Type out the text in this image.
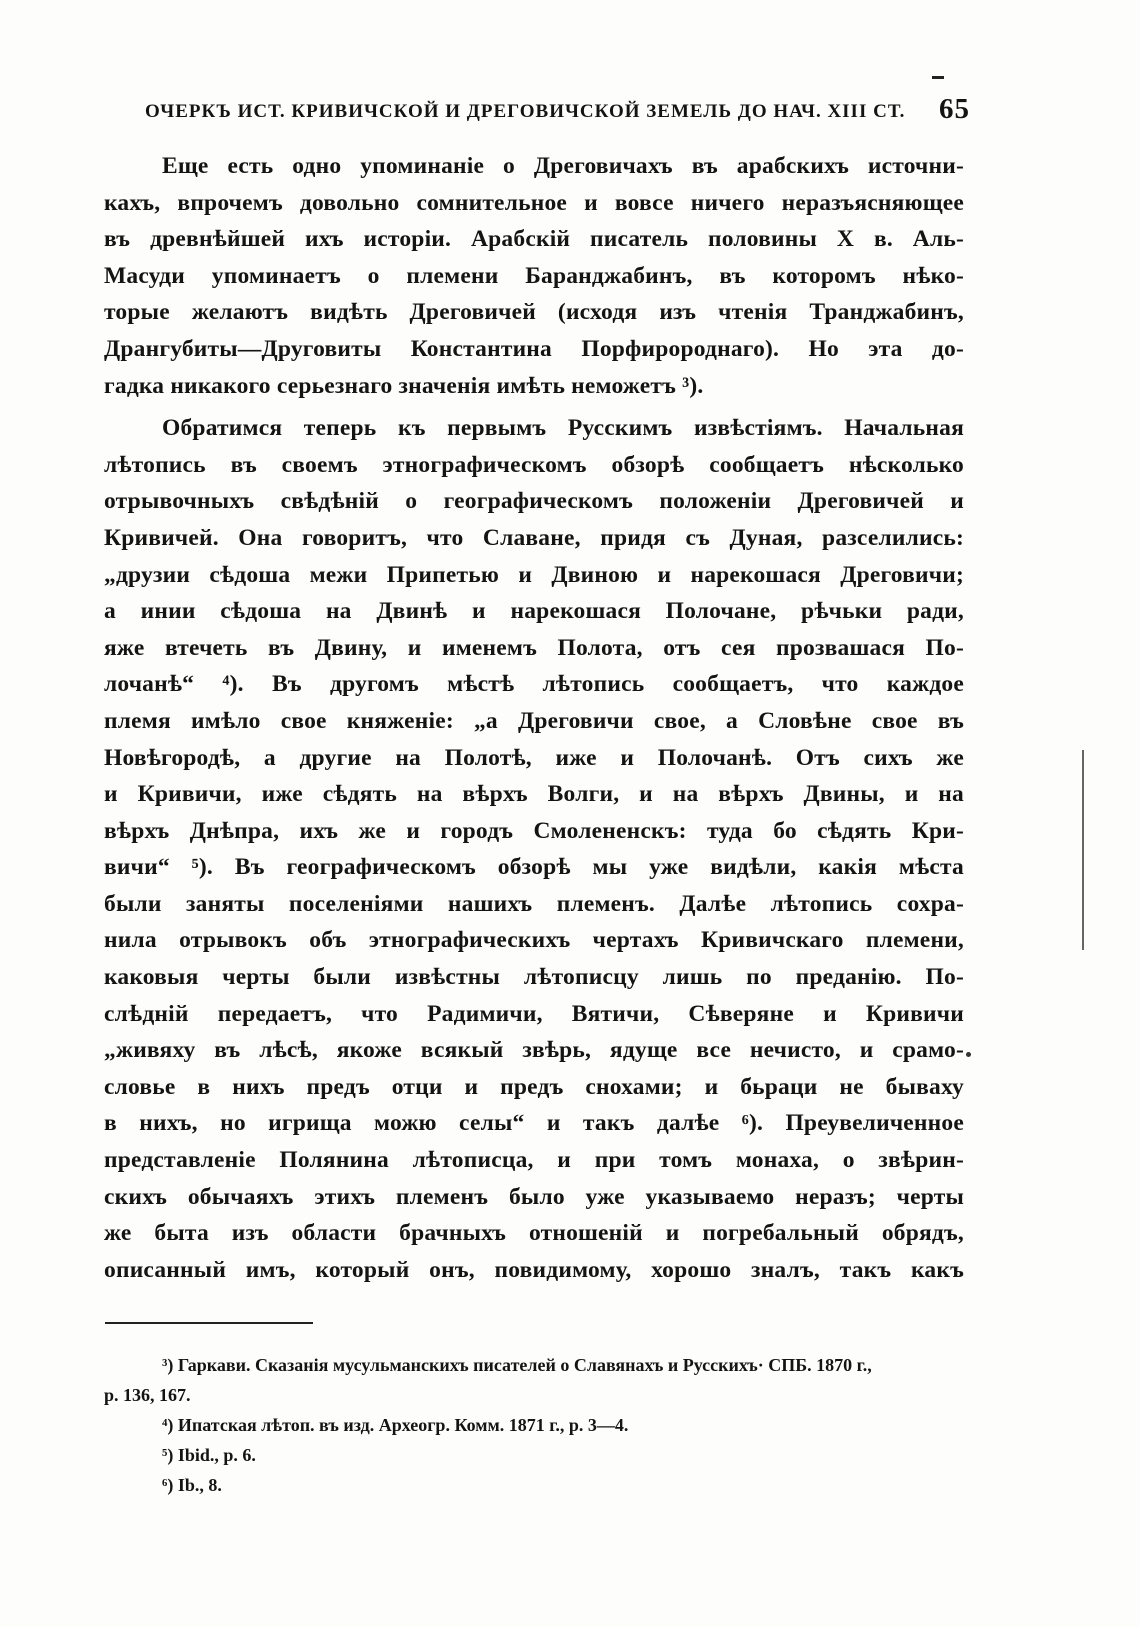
ОЧЕРКЪ ИСТ. КРИВИЧСКОЙ И ДРЕГОВИЧСКОЙ ЗЕМЕЛЬ ДО НАЧ. XIII СТ. 65
Еще есть одно упоминаніе о Дреговичахъ въ арабскихъ источни-
кахъ, впрочемъ довольно сомнительное и вовсе ничего неразъясняющее
въ древнѣйшей ихъ исторіи. Арабскій писатель половины X в. Аль-
Масуди упоминаетъ о племени Баранджабинъ, въ которомъ нѣко-
торые желаютъ видѣть Дреговичей (исходя изъ чтенія Транджабинъ,
Дрангубиты—Друговиты Константина Порфиророднаго). Но эта до-
гадка никакого серьезнаго значенія имѣть неможетъ ³).
Обратимся теперь къ первымъ Русскимъ извѣстіямъ. Начальная
лѣтопись въ своемъ этнографическомъ обзорѣ сообщаетъ нѣсколько
отрывочныхъ свѣдѣній о географическомъ положеніи Дреговичей и
Кривичей. Она говоритъ, что Славане, придя съ Дуная, разселились:
„друзии сѣдоша межи Припетью и Двиною и нарекошася Дреговичи;
а инии сѣдоша на Двинѣ и нарекошася Полочане, рѣчьки ради,
яже втечеть въ Двину, и именемъ Полота, отъ сея прозвашася По-
лочанѣ“ ⁴). Въ другомъ мѣстѣ лѣтопись сообщаетъ, что каждое
племя имѣло свое княженіе: „а Дреговичи свое, а Словѣне свое въ
Новѣгородѣ, а другие на Полотѣ, иже и Полочанѣ. Отъ сихъ же
и Кривичи, иже сѣдять на вѣрхъ Волги, и на вѣрхъ Двины, и на
вѣрхъ Днѣпра, ихъ же и городъ Смолененскъ: туда бо сѣдять Кри-
вичи“ ⁵). Въ географическомъ обзорѣ мы уже видѣли, какія мѣста
были заняты поселеніями нашихъ племенъ. Далѣе лѣтопись сохра-
нила отрывокъ объ этнографическихъ чертахъ Кривичскаго племени,
каковыя черты были извѣстны лѣтописцу лишь по преданію. По-
слѣдній передаетъ, что Радимичи, Вятичи, Сѣверяне и Кривичи
„живяху въ лѣсѣ, якоже всякый звѣрь, ядуще все нечисто, и срамо-
словье в нихъ предъ отци и предъ снохами; и бьраци не бываху
в нихъ, но игрища можю селы“ и такъ далѣе ⁶). Преувеличенное
представленіе Полянина лѣтописца, и при томъ монаха, о звѣрин-
скихъ обычаяхъ этихъ племенъ было уже указываемо неразъ; черты
же быта изъ области брачныхъ отношеній и погребальный обрядъ,
описанный имъ, который онъ, повидимому, хорошо зналъ, такъ какъ
³) Гаркави. Сказанія мусульманскихъ писателей о Славянахъ и Русскихъ· СПБ. 1870 г.,
р. 136, 167.
⁴) Ипатская лѣтоп. въ изд. Археогр. Комм. 1871 г., р. 3—4.
⁵) Ibid., р. 6.
⁶) Ib., 8.
